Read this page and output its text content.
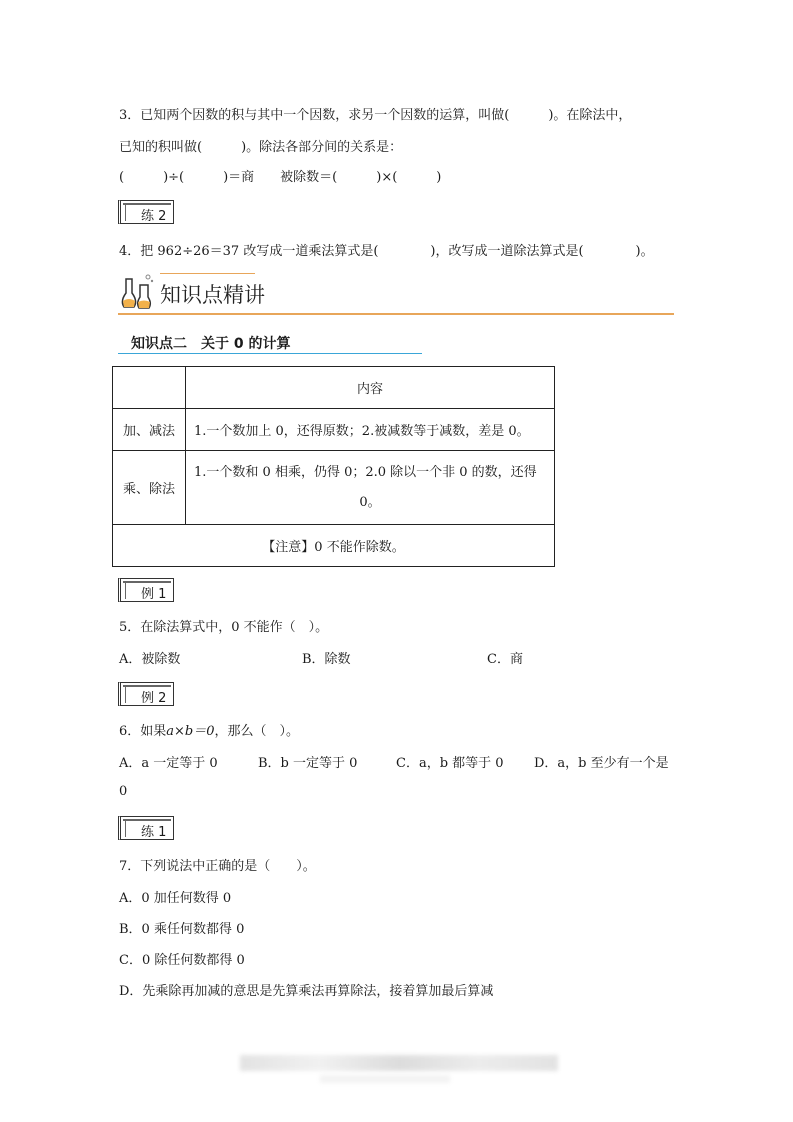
3．已知两个因数的积与其中一个因数，求另一个因数的运算，叫做(　　　)。在除法中，
已知的积叫做(　　　)。除法各部分间的关系是：
(　　　)÷(　　　)＝商　　被除数＝(　　　)×(　　　)
练 2
4．把 962÷26＝37 改写成一道乘法算式是(　　　　)，改写成一道除法算式是(　　　　)。
知识点精讲
知识点二　关于 0 的计算
	内容
加、减法	1.一个数加上 0，还得原数；2.被减数等于减数，差是 0。
乘、除法	1.一个数和 0 相乘，仍得 0；2.0 除以一个非 0 的数，还得
0。

【注意】0 不能作除数。	
例 1
5．在除法算式中，0 不能作（　）。
A．被除数	B．除数	C．商
例 2
6．如果a×b＝0，那么（　）。
A．a 一定等于 0	B．b 一定等于 0	C．a，b 都等于 0 D．a，b 至少有一个是
0
练 1
7．下列说法中正确的是（　　）。
A．0 加任何数得 0
B．0 乘任何数都得 0
C．0 除任何数都得 0
D．先乘除再加减的意思是先算乘法再算除法，接着算加最后算减
